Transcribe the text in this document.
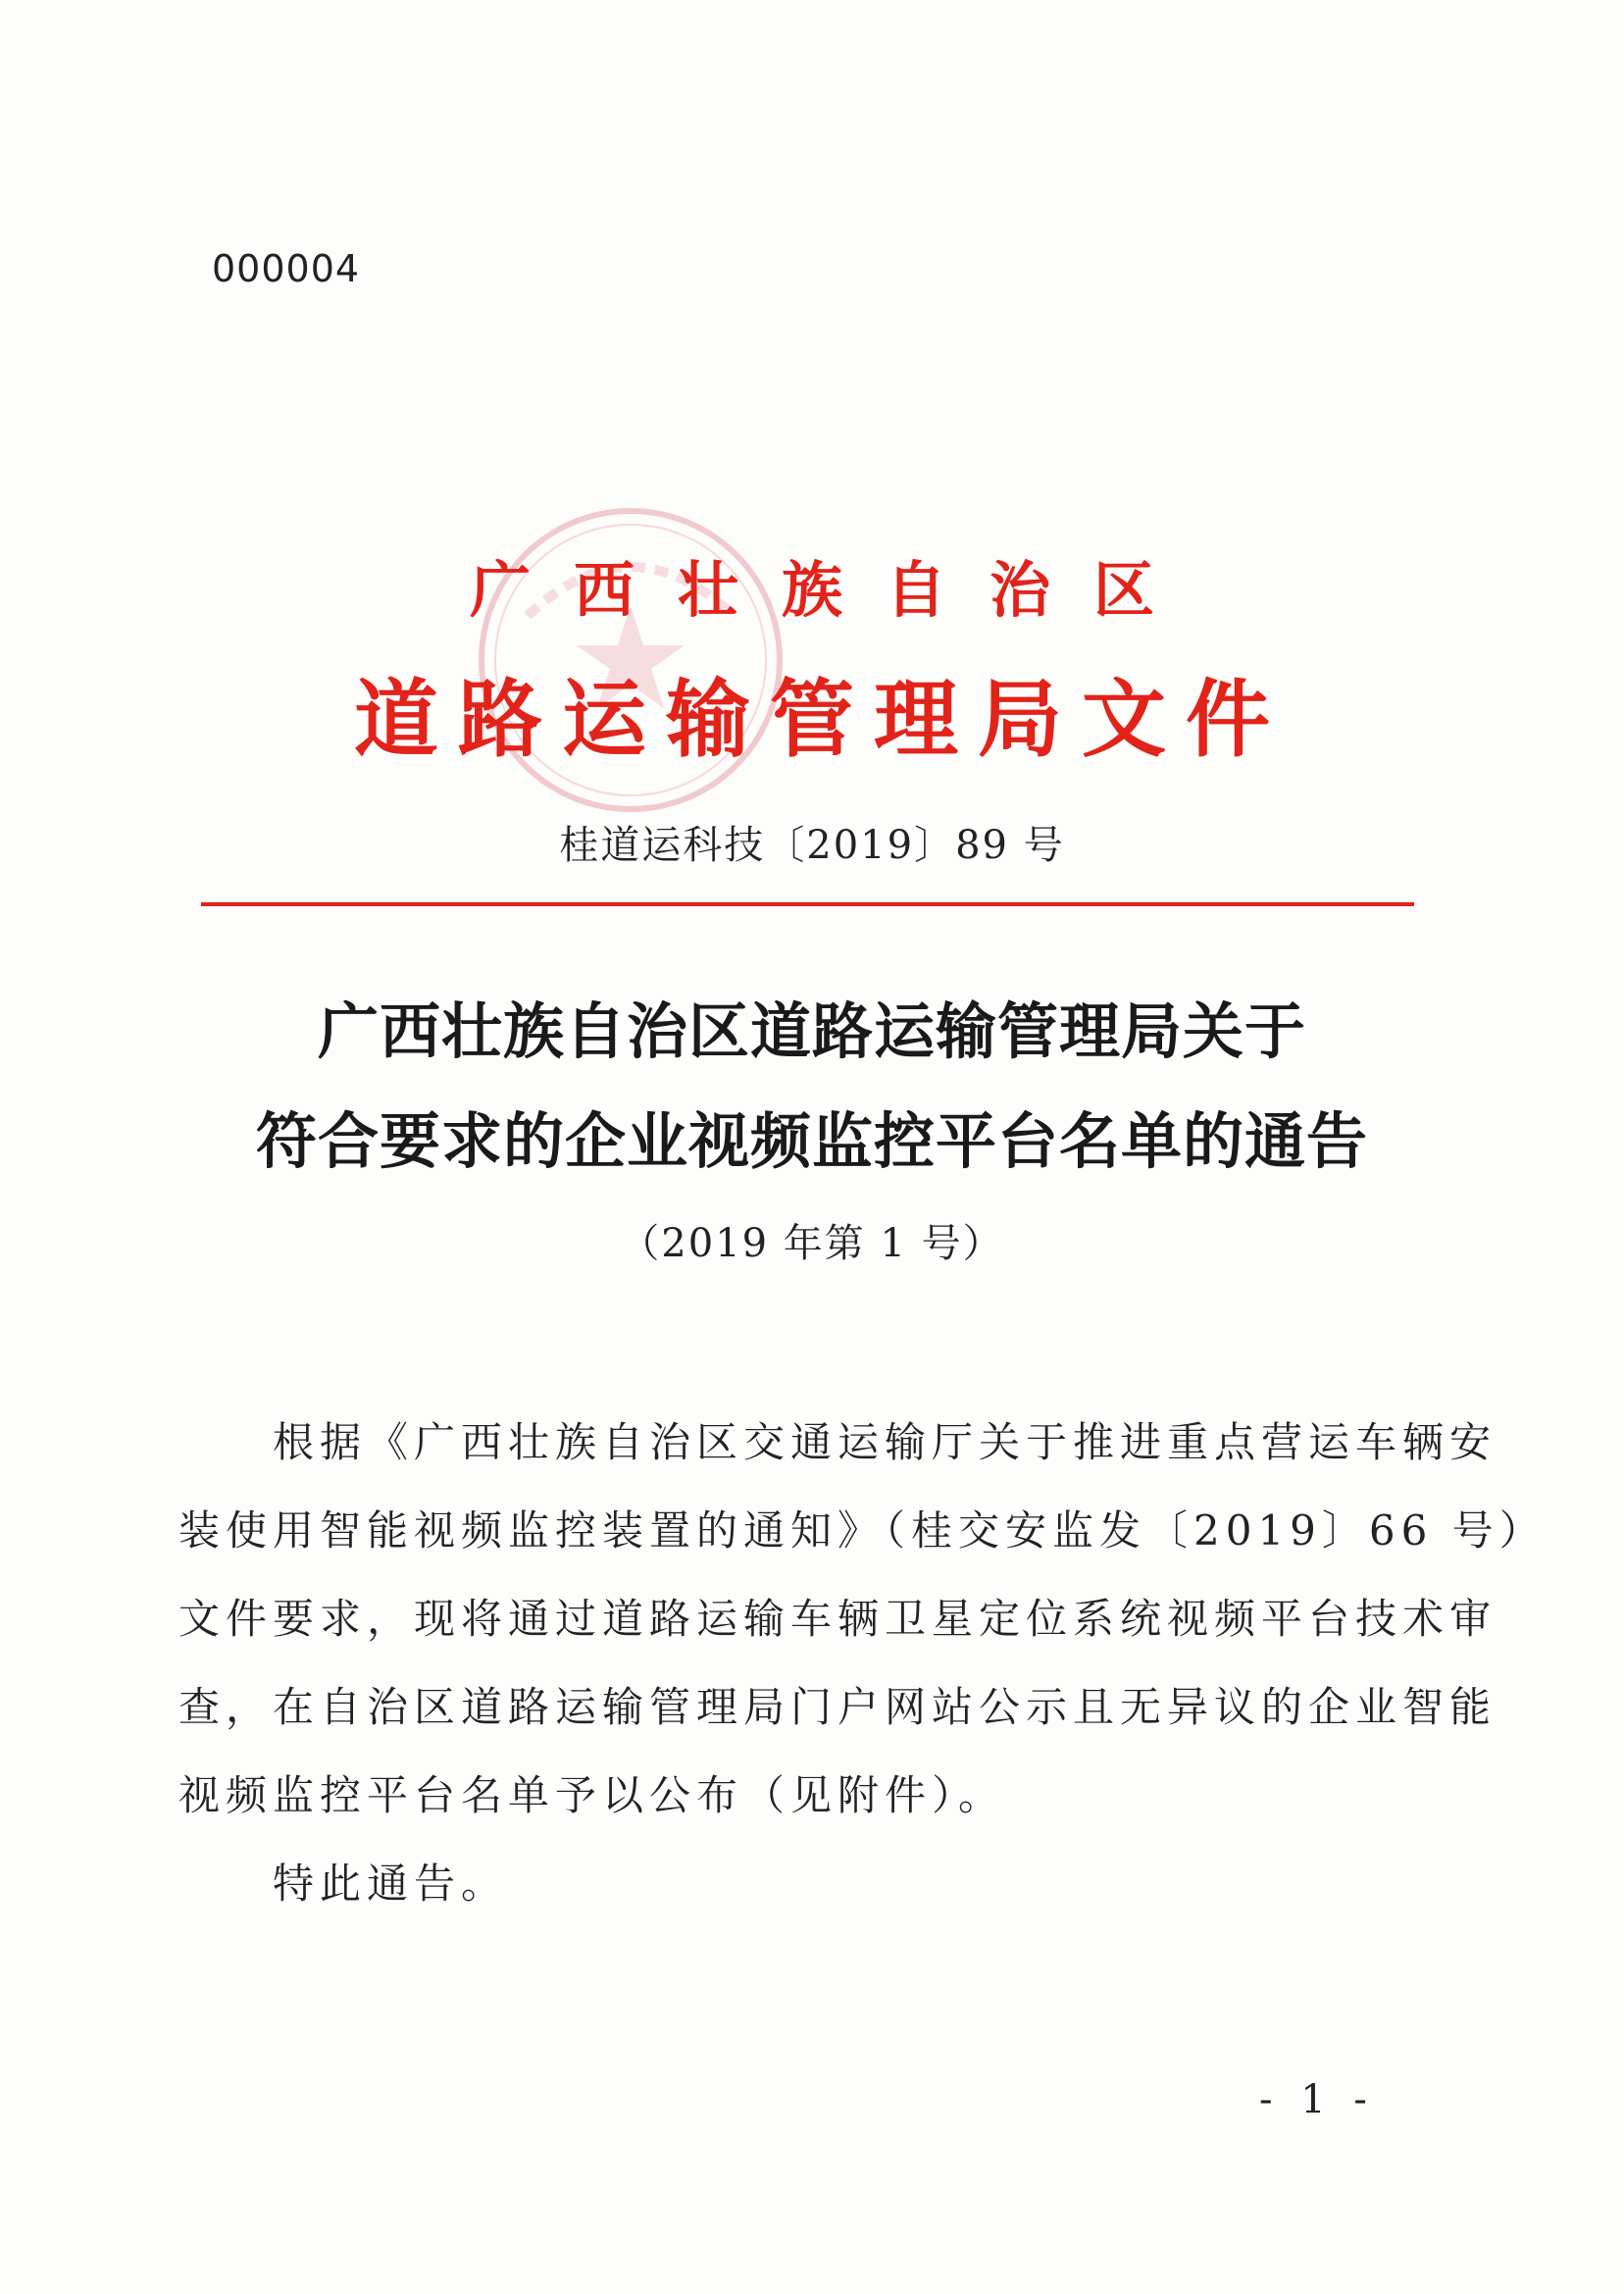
000004
广西壮族自治区
道路运输管理局文件
桂道运科技〔2019〕89 号
广西壮族自治区道路运输管理局关于
符合要求的企业视频监控平台名单的通告
（2019 年第 1 号）
　　根据《广西壮族自治区交通运输厅关于推进重点营运车辆安
装使用智能视频监控装置的通知》（桂交安监发〔2019〕66 号）
文件要求，现将通过道路运输车辆卫星定位系统视频平台技术审
查，在自治区道路运输管理局门户网站公示且无异议的企业智能
视频监控平台名单予以公布（见附件）。
　　特此通告。
- 1 -
